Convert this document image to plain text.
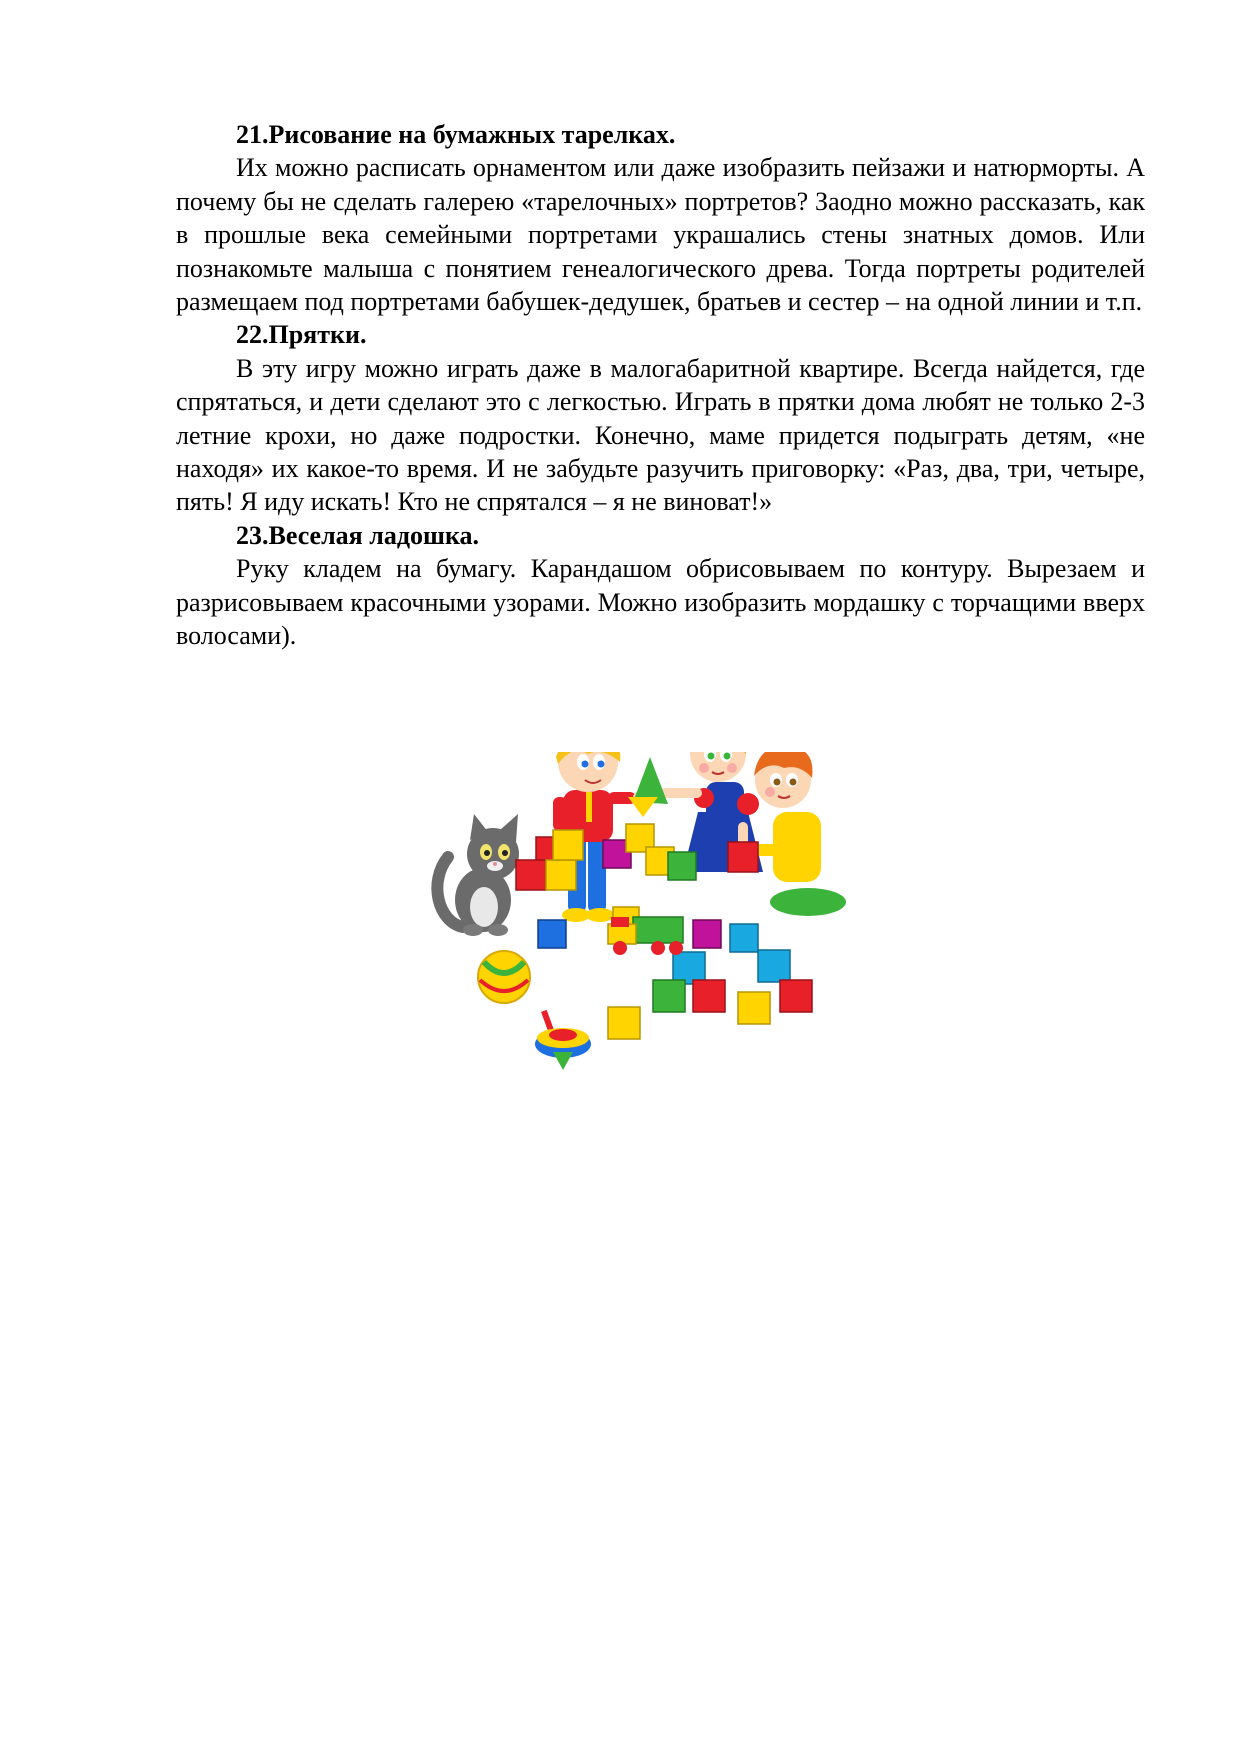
21.Рисование на бумажных тарелках.

Их можно расписать орнаментом или даже изобразить пейзажи и натюрморты. А почему бы не сделать галерею «тарелочных» портретов? Заодно можно рассказать, как в прошлые века семейными портретами украшались стены знатных домов. Или познакомьте малыша с понятием генеалогического древа. Тогда портреты родителей размещаем под портретами бабушек-дедушек, братьев и сестер – на одной линии и т.п.

22.Прятки.

В эту игру можно играть даже в малогабаритной квартире. Всегда найдется, где спрятаться, и дети сделают это с легкостью. Играть в прятки дома любят не только 2-3 летние крохи, но даже подростки. Конечно, маме придется подыграть детям, «не находя» их какое-то время. И не забудьте разучить приговорку: «Раз, два, три, четыре, пять! Я иду искать! Кто не спрятался – я не виноват!»

23.Веселая ладошка.

Руку кладем на бумагу. Карандашом обрисовываем по контуру. Вырезаем и разрисовываем красочными узорами. Можно изобразить мордашку с торчащими вверх волосами).
